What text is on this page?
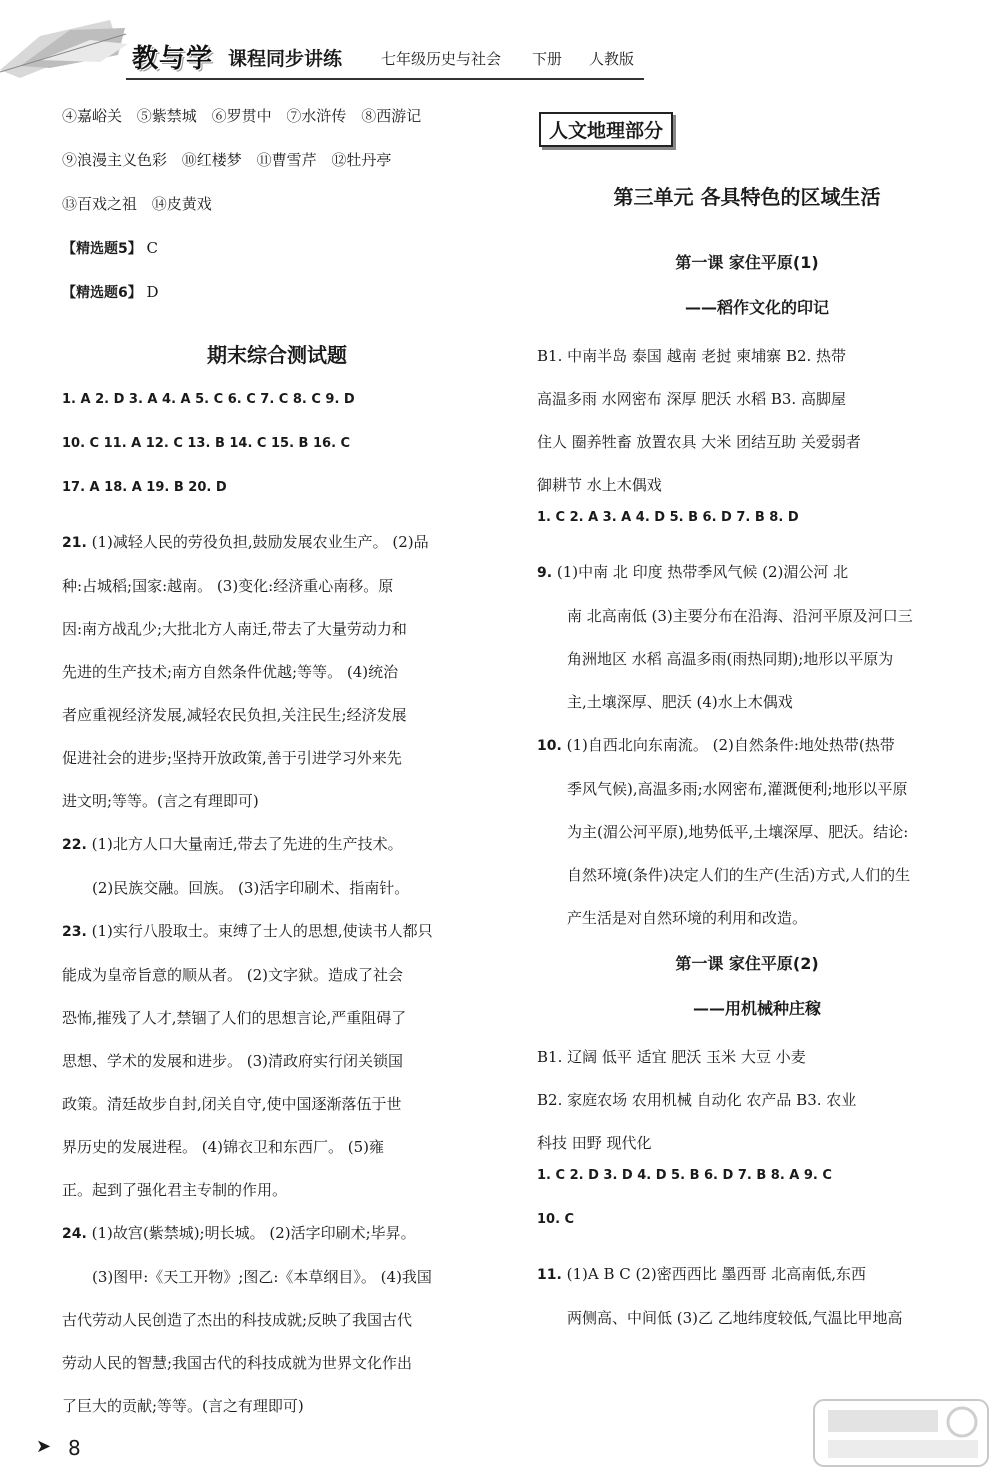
教与学 课程同步讲练	七年级历史与社会 下册 人教版
④嘉峪关 ⑤紫禁城 ⑥罗贯中 ⑦水浒传 ⑧西游记
⑨浪漫主义色彩 ⑩红楼梦 ⑪曹雪芹 ⑫牡丹亭
⑬百戏之祖 ⑭皮黄戏
【精选题5】 C
【精选题6】 D
期末综合测试题
1. A 2. D 3. A 4. A 5. C 6. C 7. C 8. C 9. D
10. C 11. A 12. C 13. B 14. C 15. B 16. C
17. A 18. A 19. B 20. D
21. (1)减轻人民的劳役负担,鼓励发展农业生产。 (2)品
种:占城稻;国家:越南。 (3)变化:经济重心南移。原
因:南方战乱少;大批北方人南迁,带去了大量劳动力和
先进的生产技术;南方自然条件优越;等等。 (4)统治
者应重视经济发展,减轻农民负担,关注民生;经济发展
促进社会的进步;坚持开放政策,善于引进学习外来先
进文明;等等。(言之有理即可)
22. (1)北方人口大量南迁,带去了先进的生产技术。

(2)民族交融。回族。 (3)活字印刷术、指南针。
23. (1)实行八股取士。束缚了士人的思想,使读书人都只
能成为皇帝旨意的顺从者。 (2)文字狱。造成了社会
恐怖,摧残了人才,禁锢了人们的思想言论,严重阻碍了
思想、学术的发展和进步。 (3)清政府实行闭关锁国
政策。清廷故步自封,闭关自守,使中国逐渐落伍于世
界历史的发展进程。 (4)锦衣卫和东西厂。 (5)雍
正。起到了强化君主专制的作用。
24. (1)故宫(紫禁城);明长城。 (2)活字印刷术;毕昇。

(3)图甲:《天工开物》;图乙:《本草纲目》。 (4)我国
古代劳动人民创造了杰出的科技成就;反映了我国古代
劳动人民的智慧;我国古代的科技成就为世界文化作出
了巨大的贡献;等等。(言之有理即可)
人文地理部分
第三单元 各具特色的区域生活
第一课 家住平原(1)
——稻作文化的印记
B1. 中南半岛 泰国 越南 老挝 柬埔寨 B2. 热带
高温多雨 水网密布 深厚 肥沃 水稻 B3. 高脚屋
住人 圈养牲畜 放置农具 大米 团结互助 关爱弱者
御耕节 水上木偶戏
1. C 2. A 3. A 4. D 5. B 6. D 7. B 8. D
9. (1)中南 北 印度 热带季风气候 (2)湄公河 北

南 北高南低 (3)主要分布在沿海、沿河平原及河口三
角洲地区 水稻 高温多雨(雨热同期);地形以平原为
主,土壤深厚、肥沃 (4)水上木偶戏
10. (1)自西北向东南流。 (2)自然条件:地处热带(热带

季风气候),高温多雨;水网密布,灌溉便利;地形以平原
为主(湄公河平原),地势低平,土壤深厚、肥沃。结论:
自然环境(条件)决定人们的生产(生活)方式,人们的生
产生活是对自然环境的利用和改造。
第一课 家住平原(2)
——用机械种庄稼
B1. 辽阔 低平 适宜 肥沃 玉米 大豆 小麦
B2. 家庭农场 农用机械 自动化 农产品 B3. 农业
科技 田野 现代化
1. C 2. D 3. D 4. D 5. B 6. D 7. B 8. A 9. C
10. C
11. (1)A B C (2)密西西比 墨西哥 北高南低,东西

两侧高、中间低 (3)乙 乙地纬度较低,气温比甲地高
➤ 8
